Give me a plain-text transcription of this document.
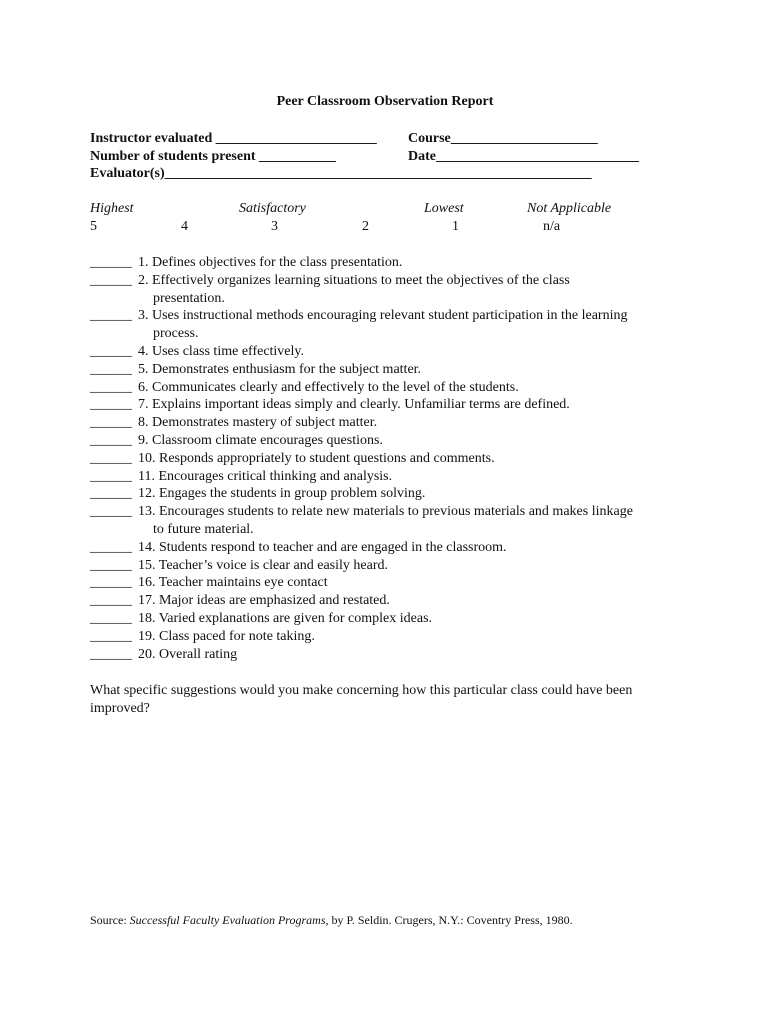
Peer Classroom Observation Report
Instructor evaluated _______________________ Course_____________________
Number of students present ___________	Date_____________________________
Evaluator(s)_____________________________________________________________
Highest	Satisfactory	Lowest	Not Applicable
5	4	3	2	1	n/a
______ 1. Defines objectives for the class presentation.
______ 2. Effectively organizes learning situations to meet the objectives of the class
presentation.
______ 3. Uses instructional methods encouraging relevant student participation in the learning
process.
______ 4. Uses class time effectively.
______ 5. Demonstrates enthusiasm for the subject matter.
______ 6. Communicates clearly and effectively to the level of the students.
______ 7. Explains important ideas simply and clearly. Unfamiliar terms are defined.
______ 8. Demonstrates mastery of subject matter.
______ 9. Classroom climate encourages questions.
______ 10. Responds appropriately to student questions and comments.
______ 11. Encourages critical thinking and analysis.
______ 12. Engages the students in group problem solving.
______ 13. Encourages students to relate new materials to previous materials and makes linkage
to future material.
______ 14. Students respond to teacher and are engaged in the classroom.
______ 15. Teacher’s voice is clear and easily heard.
______ 16. Teacher maintains eye contact
______ 17. Major ideas are emphasized and restated.
______ 18. Varied explanations are given for complex ideas.
______ 19. Class paced for note taking.
______ 20. Overall rating
What specific suggestions would you make concerning how this particular class could have been improved?
Source: Successful Faculty Evaluation Programs, by P. Seldin. Crugers, N.Y.: Coventry Press, 1980.
